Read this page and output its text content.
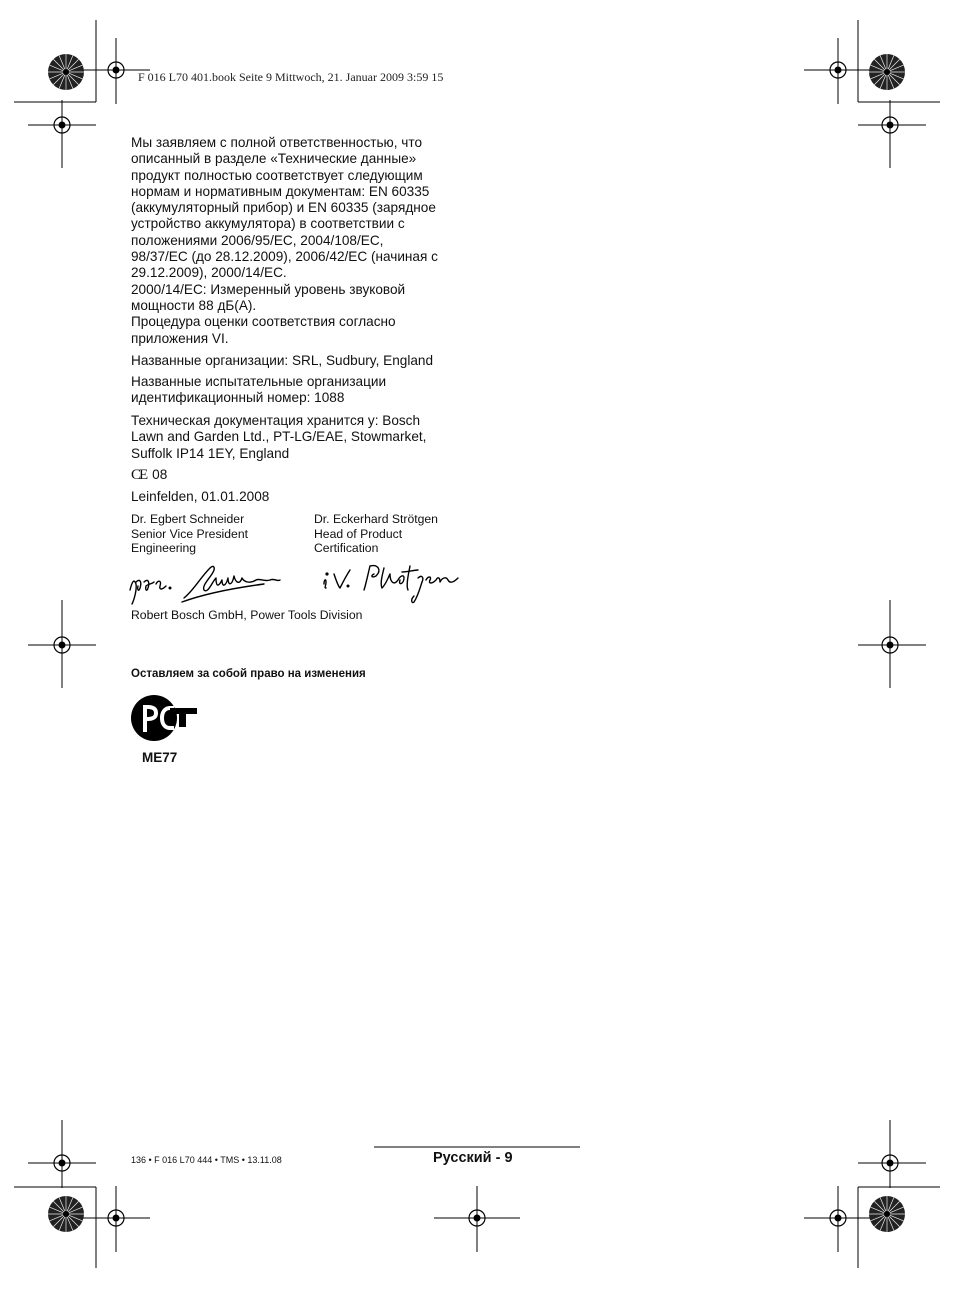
F 016 L70 401.book Seite 9 Mittwoch, 21. Januar 2009 3:59 15
Мы заявляем с полной ответственностью, что
описанный в разделе «Технические данные»
продукт полностью соответствует следующим
нормам и нормативным документам: EN 60335
(аккумуляторный прибор) и EN 60335 (зарядное
устройство аккумулятора) в соответствии с
положениями 2006/95/EC, 2004/108/EC,
98/37/EC (до 28.12.2009), 2006/42/EC (начиная с
29.12.2009), 2000/14/EC.
2000/14/EC: Измеренный уровень звуковой
мощности 88 дБ(A).
Процедура оценки соответствия согласно
приложения VI.
Названные организации: SRL, Sudbury, England
Названные испытательные организации
идентификационный номер: 1088
Техническая документация хранится у: Bosch
Lawn and Garden Ltd., PT-LG/EAE, Stowmarket,
Suffolk IP14 1EY, England
CE 08
Leinfelden, 01.01.2008
Dr. Egbert Schneider
Senior Vice President
Engineering
Dr. Eckerhard Strötgen
Head of Product
Certification
Robert Bosch GmbH, Power Tools Division
Оставляем за собой право на изменения
ME77
136 • F 016 L70 444 • TMS • 13.11.08	Русский - 9
